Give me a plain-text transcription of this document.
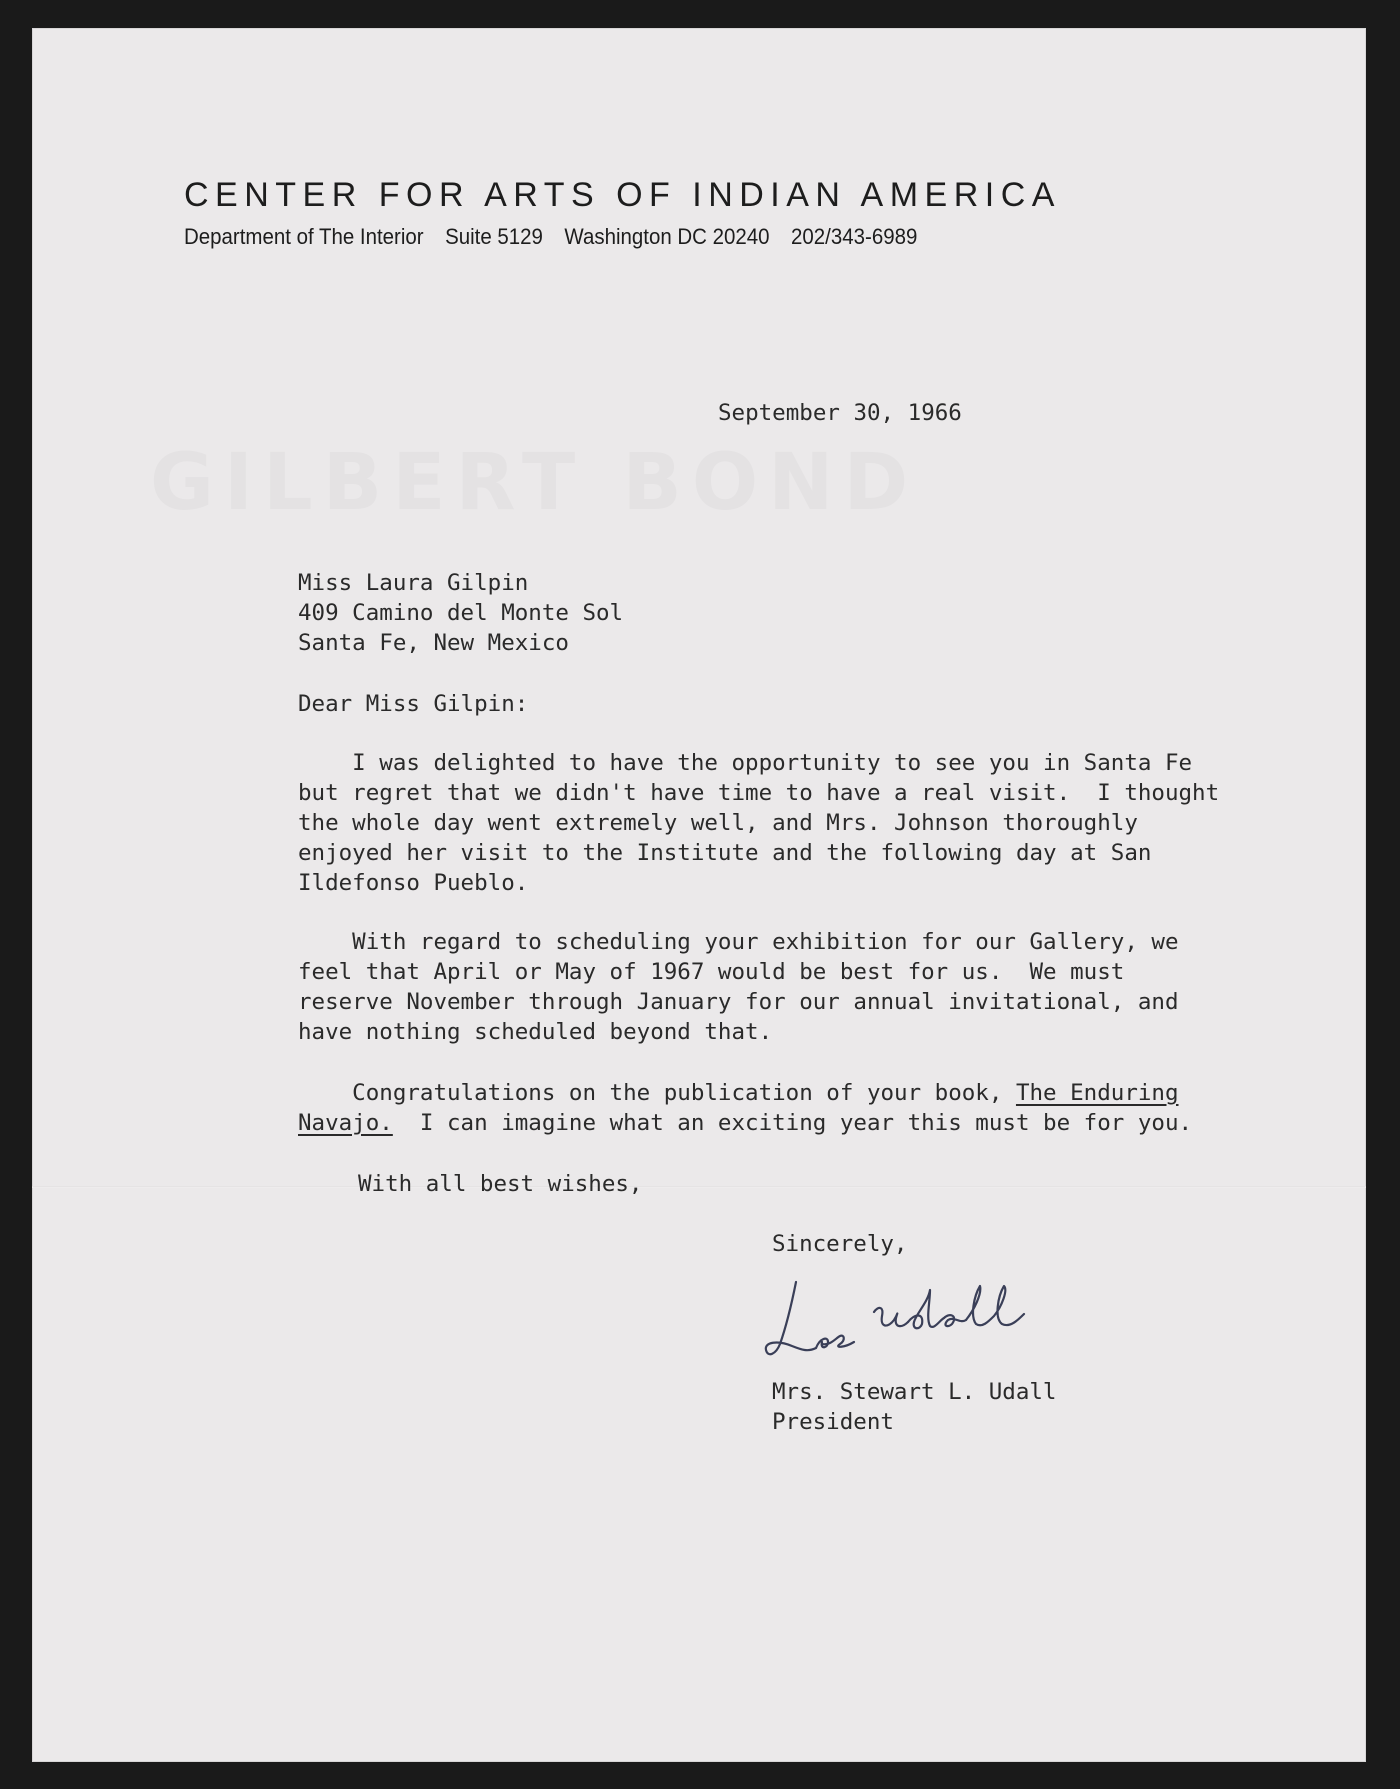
GILBERT BOND
CENTER FOR ARTS OF INDIAN AMERICA
Department of The Interior Suite 5129 Washington DC 20240 202/343-6989
September 30, 1966
Miss Laura Gilpin
409 Camino del Monte Sol
Santa Fe, New Mexico
Dear Miss Gilpin:
I was delighted to have the opportunity to see you in Santa Fe
but regret that we didn't have time to have a real visit.  I thought
the whole day went extremely well, and Mrs. Johnson thoroughly
enjoyed her visit to the Institute and the following day at San
Ildefonso Pueblo.
With regard to scheduling your exhibition for our Gallery, we
feel that April or May of 1967 would be best for us.  We must
reserve November through January for our annual invitational, and
have nothing scheduled beyond that.
Congratulations on the publication of your book, The Enduring
Navajo.  I can imagine what an exciting year this must be for you.
With all best wishes,
Sincerely,
Mrs. Stewart L. Udall
President
